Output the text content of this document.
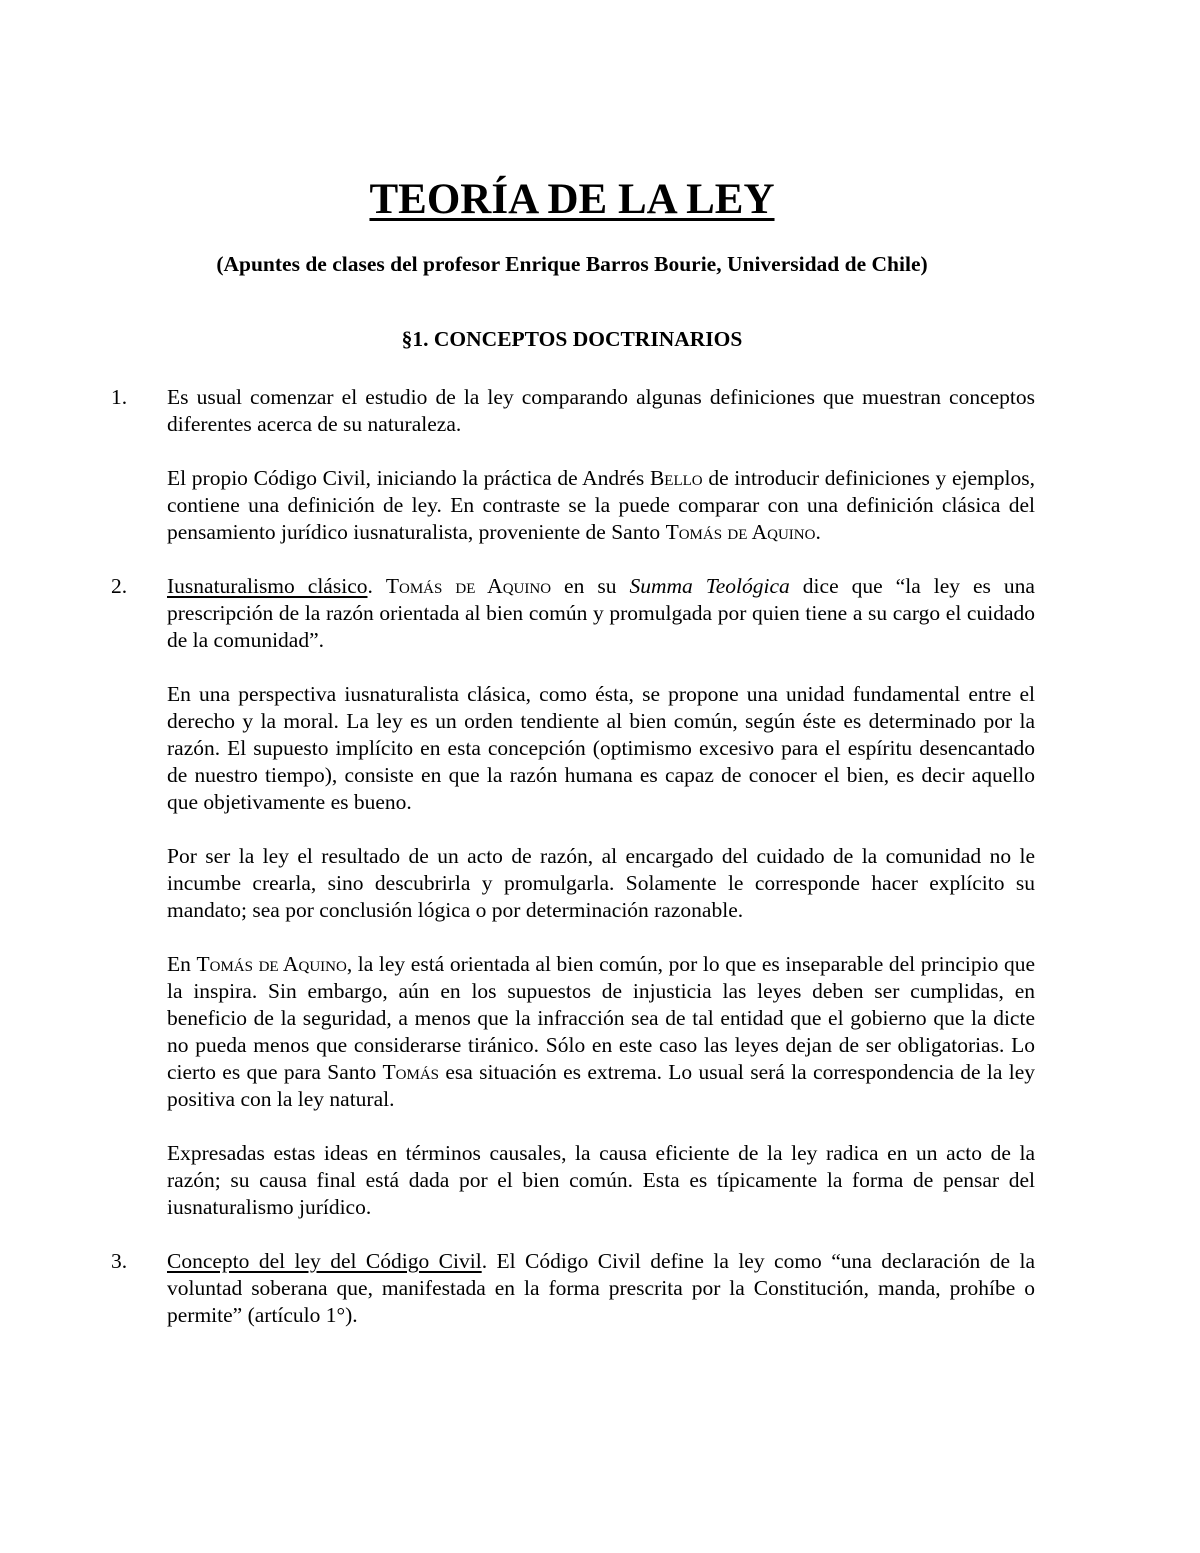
TEORÍA DE LA LEY
(Apuntes de clases del profesor Enrique Barros Bourie, Universidad de Chile)
§1. CONCEPTOS DOCTRINARIOS
1. Es usual comenzar el estudio de la ley comparando algunas definiciones que muestran conceptos diferentes acerca de su naturaleza.

El propio Código Civil, iniciando la práctica de Andrés Bello de introducir definiciones y ejemplos, contiene una definición de ley. En contraste se la puede comparar con una definición clásica del pensamiento jurídico iusnaturalista, proveniente de Santo Tomás de Aquino.

2. Iusnaturalismo clásico. Tomás de Aquino en su Summa Teológica dice que “la ley es una prescripción de la razón orientada al bien común y promulgada por quien tiene a su cargo el cuidado de la comunidad”.

En una perspectiva iusnaturalista clásica, como ésta, se propone una unidad fundamental entre el derecho y la moral. La ley es un orden tendiente al bien común, según éste es determinado por la razón. El supuesto implícito en esta concepción (optimismo excesivo para el espíritu desencantado de nuestro tiempo), consiste en que la razón humana es capaz de conocer el bien, es decir aquello que objetivamente es bueno.

Por ser la ley el resultado de un acto de razón, al encargado del cuidado de la comunidad no le incumbe crearla, sino descubrirla y promulgarla. Solamente le corresponde hacer explícito su mandato; sea por conclusión lógica o por determinación razonable.

En Tomás de Aquino, la ley está orientada al bien común, por lo que es inseparable del principio que la inspira. Sin embargo, aún en los supuestos de injusticia las leyes deben ser cumplidas, en beneficio de la seguridad, a menos que la infracción sea de tal entidad que el gobierno que la dicte no pueda menos que considerarse tiránico. Sólo en este caso las leyes dejan de ser obligatorias. Lo cierto es que para Santo Tomás esa situación es extrema. Lo usual será la correspondencia de la ley positiva con la ley natural.

Expresadas estas ideas en términos causales, la causa eficiente de la ley radica en un acto de la razón; su causa final está dada por el bien común. Esta es típicamente la forma de pensar del iusnaturalismo jurídico.

3. Concepto del ley del Código Civil. El Código Civil define la ley como “una declaración de la voluntad soberana que, manifestada en la forma prescrita por la Constitución, manda, prohíbe o permite” (artículo 1°).
